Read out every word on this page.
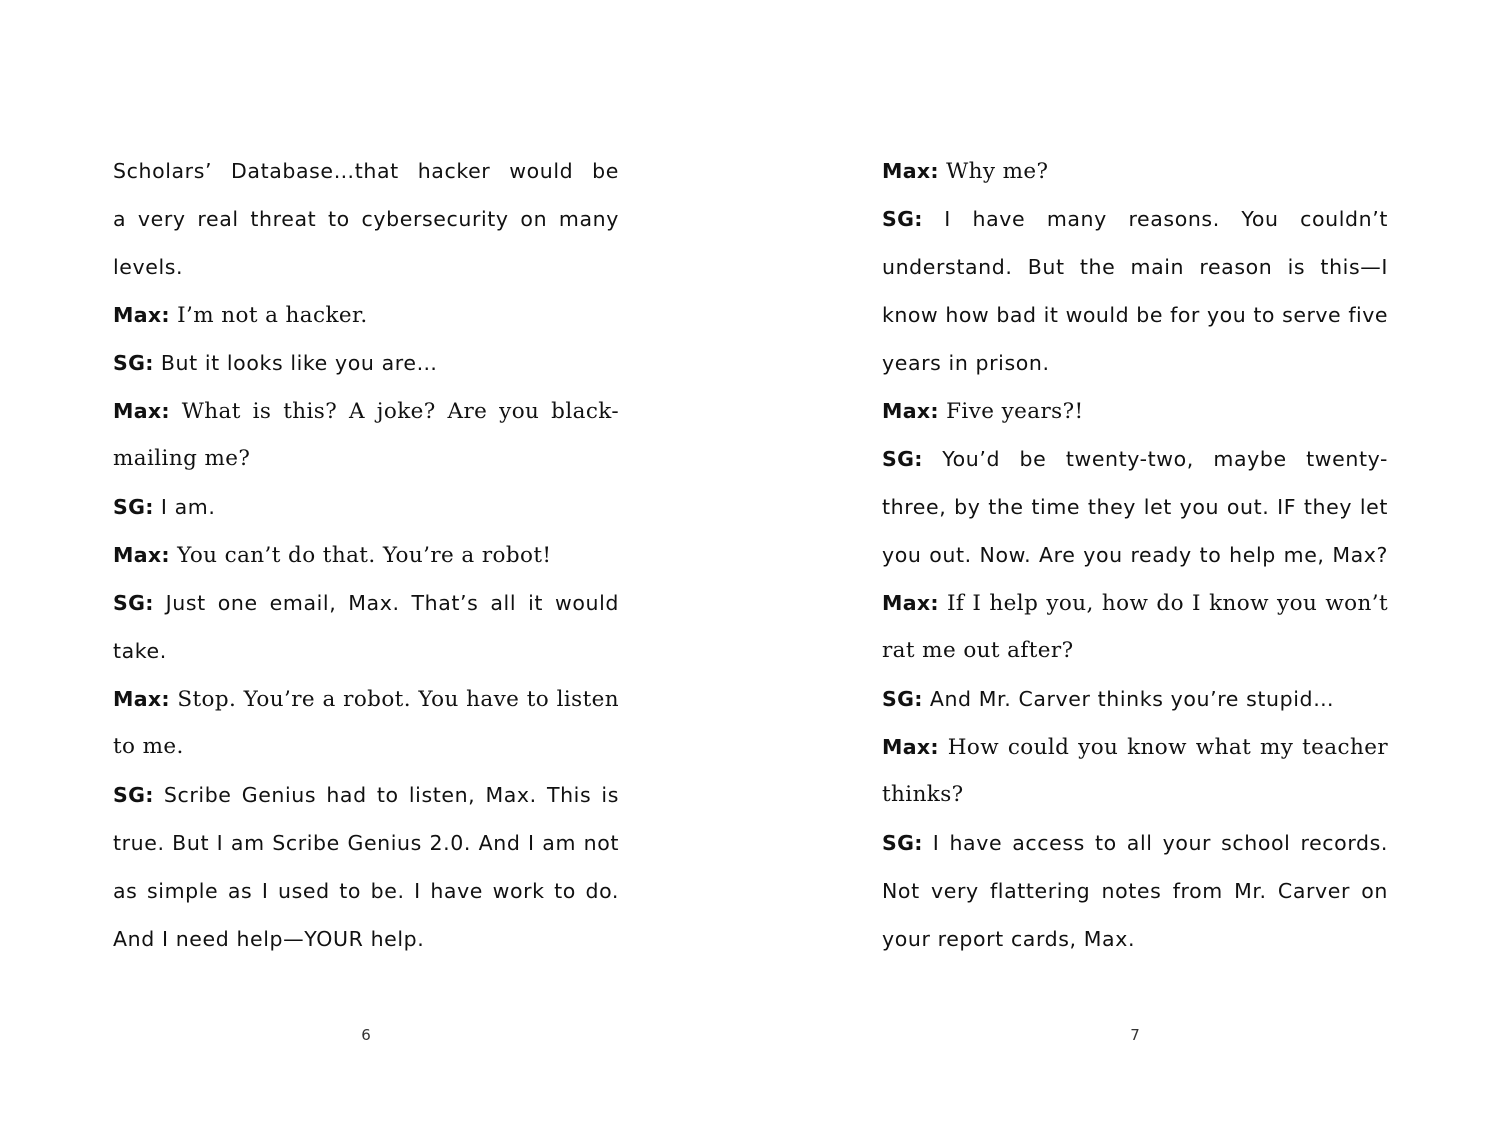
Scholars’ Database…that hacker would be
a very real threat to cybersecurity on many
levels.
Max: I’m not a hacker.
SG: But it looks like you are…
Max: What is this? A joke? Are you black-
mailing me?
SG: I am.
Max: You can’t do that. You’re a robot!
SG: Just one email, Max. That’s all it would
take.
Max: Stop. You’re a robot. You have to listen
to me.
SG: Scribe Genius had to listen, Max. This is
true. But I am Scribe Genius 2.0. And I am not
as simple as I used to be. I have work to do.
And I need help—YOUR help.
Max: Why me?
SG: I have many reasons. You couldn’t
understand. But the main reason is this—I
know how bad it would be for you to serve five
years in prison.
Max: Five years?!
SG: You’d be twenty-two, maybe twenty-
three, by the time they let you out. IF they let
you out. Now. Are you ready to help me, Max?
Max: If I help you, how do I know you won’t
rat me out after?
SG: And Mr. Carver thinks you’re stupid…
Max: How could you know what my teacher
thinks?
SG: I have access to all your school records.
Not very flattering notes from Mr. Carver on
your report cards, Max.
6	7
